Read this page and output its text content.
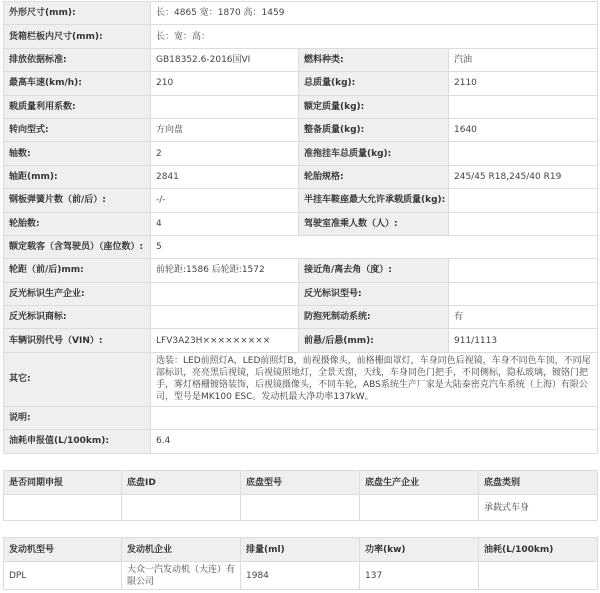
外形尺寸(mm):	长：4865 宽：1870 高：1459		
货箱栏板内尺寸(mm):	长：宽：高：		
排放依据标准:	GB18352.6-2016国VI	燃料种类:	汽油
最高车速(km/h):	210	总质量(kg):	2110
载质量利用系数:		额定质量(kg):	
转向型式:	方向盘	整备质量(kg):	1640
轴数:	2	准拖挂车总质量(kg):	
轴距(mm):	2841	轮胎规格:	245/45 R18,245/40 R19
钢板弹簧片数（前/后）:	-/-	半挂车鞍座最大允许承载质量(kg):	
轮胎数:	4	驾驶室准乘人数（人）:	
额定载客（含驾驶员）（座位数）:	5		
轮距（前/后)mm:	前轮距:1586 后轮距:1572	接近角/离去角（度）:	
反光标识生产企业:		反光标识型号:	
反光标识商标:		防抱死制动系统:	有
车辆识别代号（VIN）:	LFV3A23H×××××××××	前悬/后悬(mm):	911/1113
其它:	选装：LED前照灯A，LED前照灯B，前视摄像头，前格栅面罩灯，车身同色后视镜，车身不同色车顶，不同尾部标识，亮亮黑后视镜，后视镜照地灯，全景天窗，天线，车身同色门把手，不同侧标，隐私玻璃，镀铬门把手，雾灯格栅镀铬装饰，后视镜摄像头，不同车轮，ABS系统生产厂家是大陆泰密克汽车系统（上海）有限公司，型号是MK100 ESC。发动机最大净功率137kW。		
说明:			
油耗申报值(L/100km):	6.4		
是否同期申报	底盘ID	底盘型号	底盘生产企业	底盘类别
				承载式车身
发动机型号	发动机企业	排量(ml)	功率(kw)	油耗(L/100km)
DPL	大众一汽发动机（大连）有限公司	1984	137	
